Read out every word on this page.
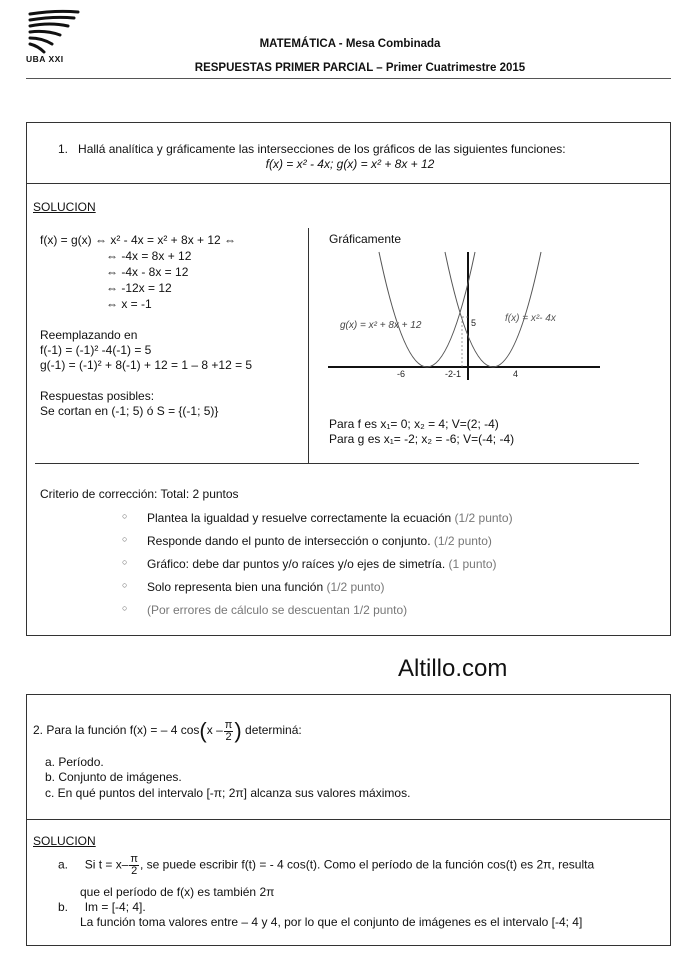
UBA XXI
MATEMÁTICA - Mesa Combinada
RESPUESTAS PRIMER PARCIAL – Primer Cuatrimestre 2015
1. Hallá analítica y gráficamente las intersecciones de los gráficos de las siguientes funciones:
f(x) = x² - 4x; g(x) = x² + 8x + 12
SOLUCION
f(x) = g(x) ⇔ x² - 4x = x² + 8x + 12 ⇔
⇔ -4x = 8x + 12
⇔ -4x - 8x = 12
⇔ -12x = 12
⇔ x = -1
Reemplazando en
f(-1) = (-1)² -4(-1) = 5
g(-1) = (-1)² + 8(-1) + 12 = 1 – 8 +12 = 5
Respuestas posibles:
Se cortan en (-1; 5) ó S = {(-1; 5)}
Gráficamente
g(x) = x² + 8x + 12
f(x) = x²- 4x
5
-6	-2-1	4
Para f es x₁= 0; x₂ = 4; V=(2; -4)
Para g es x₁= -2; x₂ = -6; V=(-4; -4)
Criterio de corrección: Total: 2 puntos
○ Plantea la igualdad y resuelve correctamente la ecuación (1/2 punto)
○ Responde dando el punto de intersección o conjunto. (1/2 punto)
○ Gráfico: debe dar puntos y/o raíces y/o ejes de simetría. (1 punto)
○ Solo representa bien una función (1/2 punto)
○ (Por errores de cálculo se descuentan 1/2 punto)
Altillo.com
2. Para la función f(x) = – 4 $\cos(x - \frac{\pi}{2}$ ) determiná:
a. Período.
b. Conjunto de imágenes.
c. En qué puntos del intervalo [-π; 2π] alcanza sus valores máximos.
SOLUCION
a. Si $t = x- \frac{\pi}{2}$ , se puede escribir f(t) = - 4 cos(t). Como el período de la función cos(t) es 2π, resulta
que el período de f(x) es también 2π
b. Im = [-4; 4].
La función toma valores entre – 4 y 4, por lo que el conjunto de imágenes es el intervalo [-4; 4]
